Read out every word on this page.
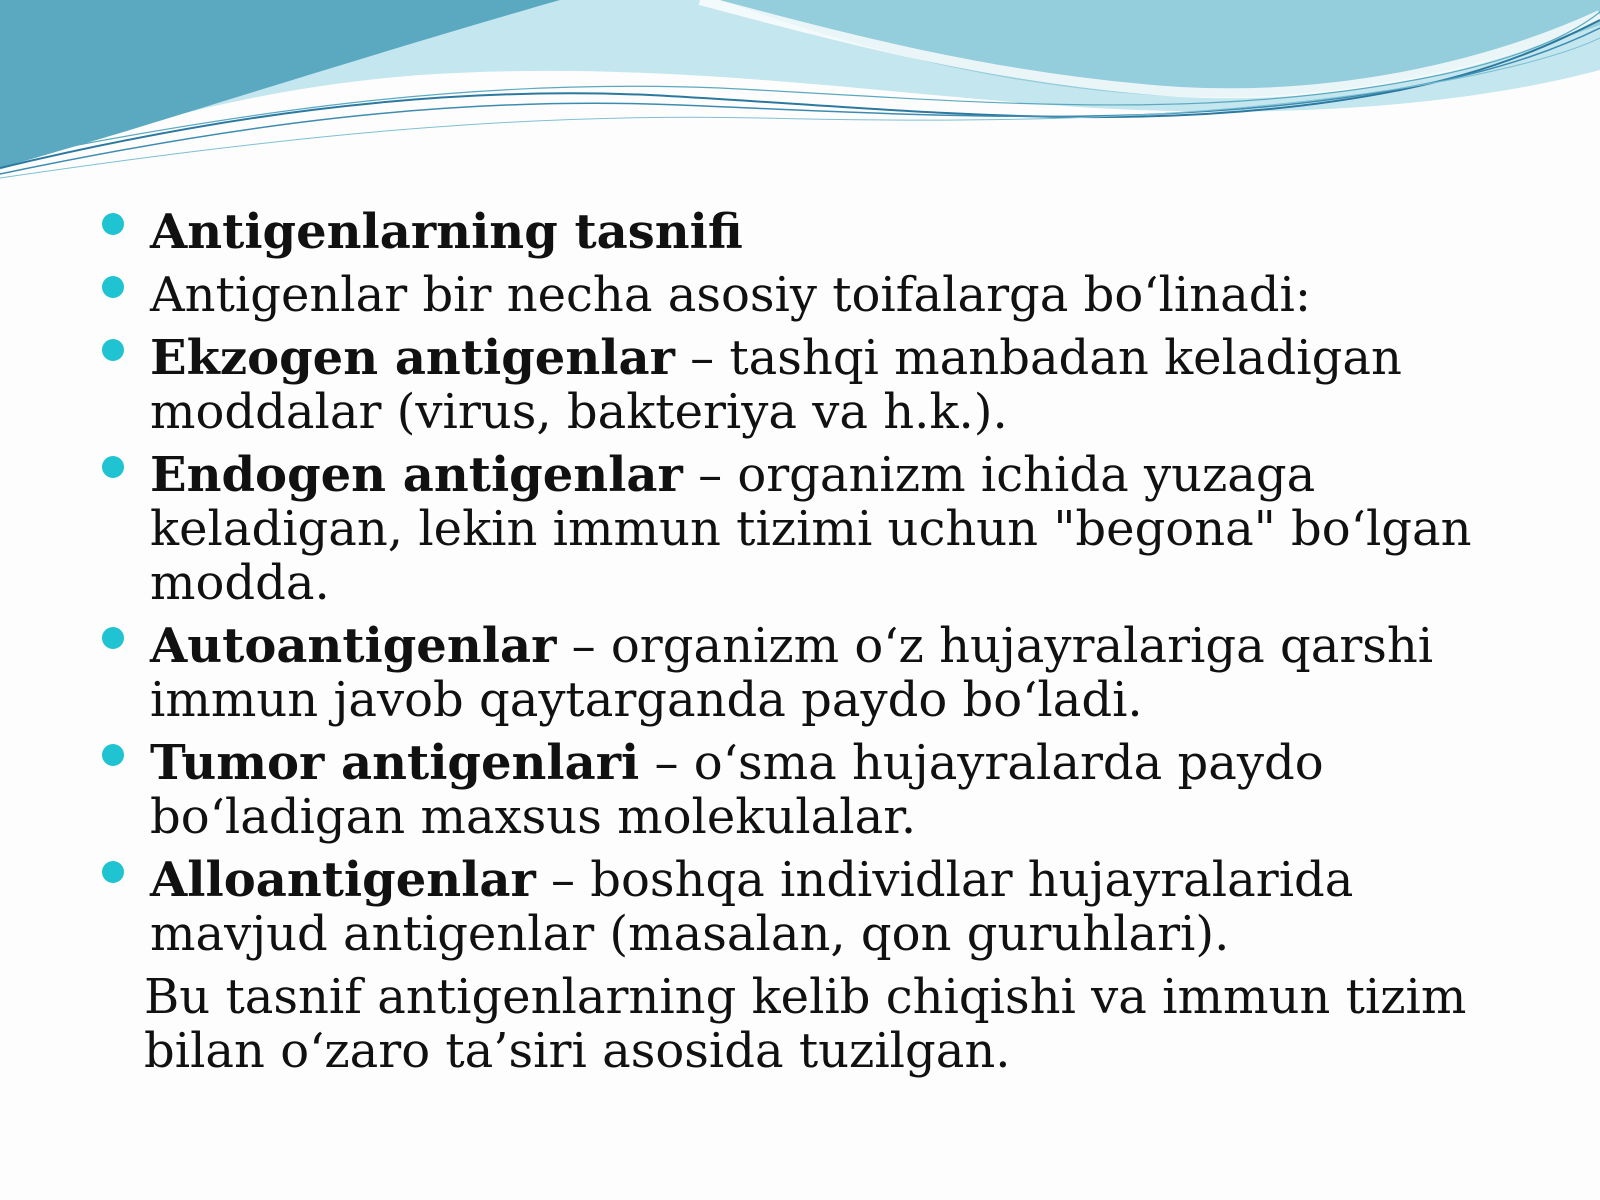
Antigenlarning tasnifi
Antigenlar bir necha asosiy toifalarga bo‘linadi:
Ekzogen antigenlar – tashqi manbadan keladigan moddalar (virus, bakteriya va h.k.).
Endogen antigenlar – organizm ichida yuzaga keladigan, lekin immun tizimi uchun "begona" bo‘lgan modda.
Autoantigenlar – organizm o‘z hujayralariga qarshi immun javob qaytarganda paydo bo‘ladi.
Tumor antigenlari – o‘sma hujayralarda paydo bo‘ladigan maxsus molekulalar.
Alloantigenlar – boshqa individlar hujayralarida mavjud antigenlar (masalan, qon guruhlari).
Bu tasnif antigenlarning kelib chiqishi va immun tizim bilan o‘zaro ta’siri asosida tuzilgan.
